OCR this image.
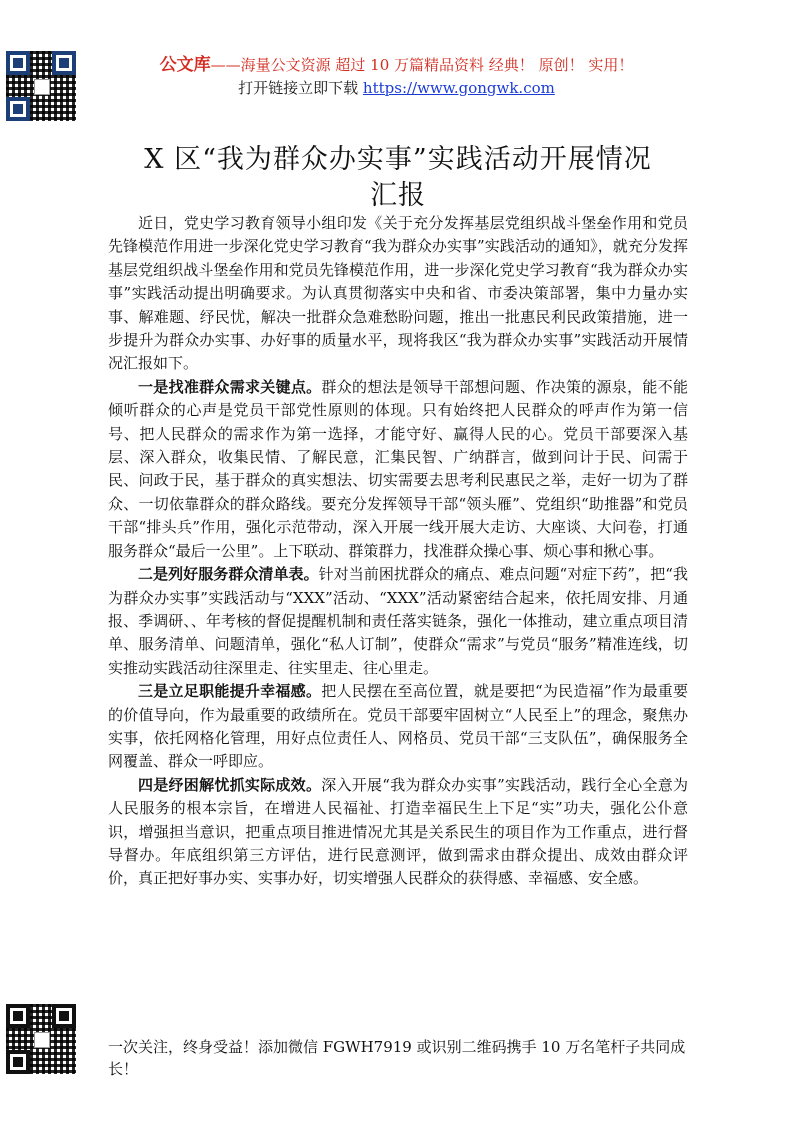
公文库——海量公文资源 超过 10 万篇精品资料 经典！ 原创！ 实用！
打开链接立即下载 https://www.gongwk.com
X 区“我为群众办实事”实践活动开展情况
汇报

近日，党史学习教育领导小组印发《关于充分发挥基层党组织战斗堡垒作用和党员先锋模范作用进一步深化党史学习教育“我为群众办实事”实践活动的通知》，就充分发挥基层党组织战斗堡垒作用和党员先锋模范作用，进一步深化党史学习教育“我为群众办实事”实践活动提出明确要求。为认真贯彻落实中央和省、市委决策部署，集中力量办实事、解难题、纾民忧，解决一批群众急难愁盼问题，推出一批惠民利民政策措施，进一步提升为群众办实事、办好事的质量水平，现将我区“我为群众办实事”实践活动开展情况汇报如下。

一是找准群众需求关键点。群众的想法是领导干部想问题、作决策的源泉，能不能倾听群众的心声是党员干部党性原则的体现。只有始终把人民群众的呼声作为第一信号、把人民群众的需求作为第一选择，才能守好、赢得人民的心。党员干部要深入基层、深入群众，收集民情、了解民意，汇集民智、广纳群言，做到问计于民、问需于民、问政于民，基于群众的真实想法、切实需要去思考利民惠民之举，走好一切为了群众、一切依靠群众的群众路线。要充分发挥领导干部“领头雁”、党组织“助推器”和党员干部“排头兵”作用，强化示范带动，深入开展一线开展大走访、大座谈、大问卷，打通服务群众“最后一公里”。上下联动、群策群力，找准群众操心事、烦心事和揪心事。

二是列好服务群众清单表。针对当前困扰群众的痛点、难点问题“对症下药”，把“我为群众办实事”实践活动与“XXX”活动、“XXX”活动紧密结合起来，依托周安排、月通报、季调研、、年考核的督促提醒机制和责任落实链条，强化一体推动，建立重点项目清单、服务清单、问题清单，强化“私人订制”，使群众“需求”与党员“服务”精准连线，切实推动实践活动往深里走、往实里走、往心里走。

三是立足职能提升幸福感。把人民摆在至高位置，就是要把“为民造福”作为最重要的价值导向，作为最重要的政绩所在。党员干部要牢固树立“人民至上”的理念，聚焦办实事，依托网格化管理，用好点位责任人、网格员、党员干部“三支队伍”，确保服务全网覆盖、群众一呼即应。

四是纾困解忧抓实际成效。深入开展“我为群众办实事”实践活动，践行全心全意为人民服务的根本宗旨，在增进人民福祉、打造幸福民生上下足“实”功夫，强化公仆意识，增强担当意识，把重点项目推进情况尤其是关系民生的项目作为工作重点，进行督导督办。年底组织第三方评估，进行民意测评，做到需求由群众提出、成效由群众评价，真正把好事办实、实事办好，切实增强人民群众的获得感、幸福感、安全感。

一次关注，终身受益！添加微信 FGWH7919 或识别二维码携手 10 万名笔杆子共同成长！
